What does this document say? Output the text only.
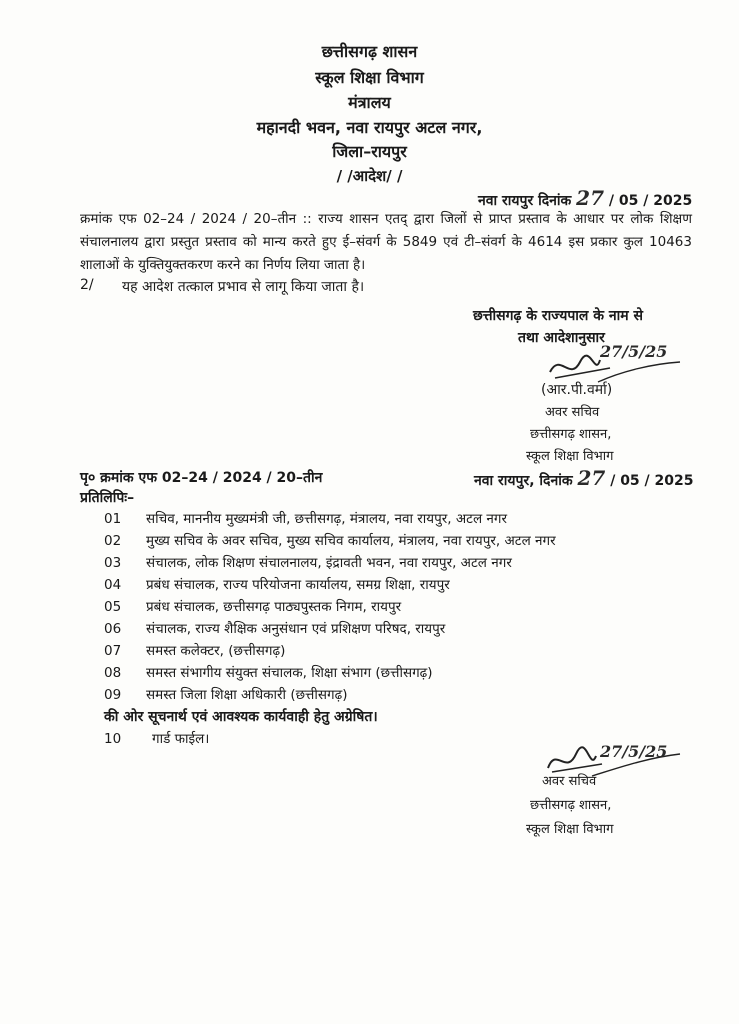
छत्तीसगढ़ शासन
स्कूल शिक्षा विभाग
मंत्रालय
महानदी भवन, नवा रायपुर अटल नगर,
जिला–रायपुर
/ /आदेश/ /
नवा रायपुर दिनांक 27 / 05 / 2025
क्रमांक एफ 02–24 / 2024 / 20–तीन :: राज्य शासन एतद् द्वारा जिलों से प्राप्त प्रस्ताव के आधार पर लोक शिक्षण संचालनालय द्वारा प्रस्तुत प्रस्ताव को मान्य करते हुए ई–संवर्ग के 5849 एवं टी–संवर्ग के 4614 इस प्रकार कुल 10463 शालाओं के युक्तियुक्तकरण करने का निर्णय लिया जाता है।
2/ यह आदेश तत्काल प्रभाव से लागू किया जाता है।
छत्तीसगढ़ के राज्यपाल के नाम से
तथा आदेशानुसार
27/5/25
(आर.पी.वर्मा)
अवर सचिव
छत्तीसगढ़ शासन,
स्कूल शिक्षा विभाग
पृ० क्रमांक एफ 02–24 / 2024 / 20–तीन	नवा रायपुर, दिनांक 27 / 05 / 2025
प्रतिलिपिः–
01	सचिव, माननीय मुख्यमंत्री जी, छत्तीसगढ़, मंत्रालय, नवा रायपुर, अटल नगर
02	मुख्य सचिव के अवर सचिव, मुख्य सचिव कार्यालय, मंत्रालय, नवा रायपुर, अटल नगर
03	संचालक, लोक शिक्षण संचालनालय, इंद्रावती भवन, नवा रायपुर, अटल नगर
04	प्रबंध संचालक, राज्य परियोजना कार्यालय, समग्र शिक्षा, रायपुर
05	प्रबंध संचालक, छत्तीसगढ़ पाठ्यपुस्तक निगम, रायपुर
06	संचालक, राज्य शैक्षिक अनुसंधान एवं प्रशिक्षण परिषद, रायपुर
07	समस्त कलेक्टर, (छत्तीसगढ़)
08	समस्त संभागीय संयुक्त संचालक, शिक्षा संभाग (छत्तीसगढ़)
09	समस्त जिला शिक्षा अधिकारी (छत्तीसगढ़)
की ओर सूचनार्थ एवं आवश्यक कार्यवाही हेतु अग्रेषित।
10	गार्ड फाईल।
27/5/25
अवर सचिव
छत्तीसगढ़ शासन,
स्कूल शिक्षा विभाग
